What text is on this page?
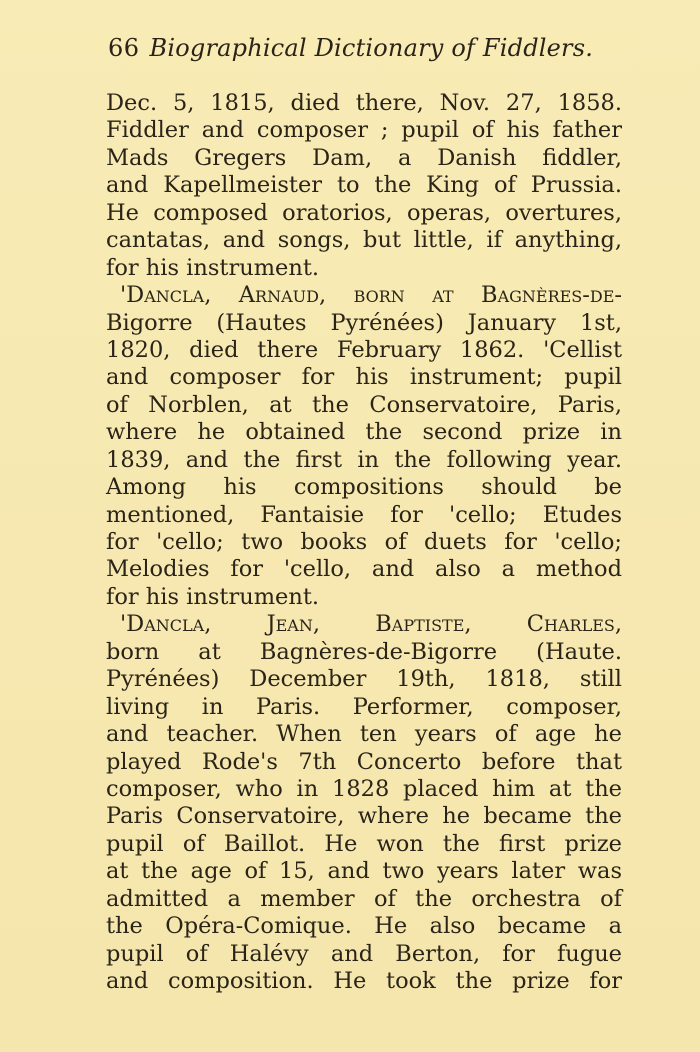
66 Biographical Dictionary of Fiddlers.
Dec. 5, 1815, died there, Nov. 27, 1858.
Fiddler and composer ; pupil of his father
Mads Gregers Dam, a Danish fiddler,
and Kapellmeister to the King of Prussia.
He composed oratorios, operas, overtures,
cantatas, and songs, but little, if anything,
for his instrument.
'Dancla, Arnaud, born at Bagnères-de-
Bigorre (Hautes Pyrénées) January 1st,
1820, died there February 1862. 'Cellist
and composer for his instrument; pupil
of Norblen, at the Conservatoire, Paris,
where he obtained the second prize in
1839, and the first in the following year.
Among his compositions should be
mentioned, Fantaisie for 'cello; Etudes
for 'cello; two books of duets for 'cello;
Melodies for 'cello, and also a method
for his instrument.
'Dancla, Jean, Baptiste, Charles,
born at Bagnères-de-Bigorre (Haute.
Pyrénées) December 19th, 1818, still
living in Paris. Performer, composer,
and teacher. When ten years of age he
played Rode's 7th Concerto before that
composer, who in 1828 placed him at the
Paris Conservatoire, where he became the
pupil of Baillot. He won the first prize
at the age of 15, and two years later was
admitted a member of the orchestra of
the Opéra-Comique. He also became a
pupil of Halévy and Berton, for fugue
and composition. He took the prize for
